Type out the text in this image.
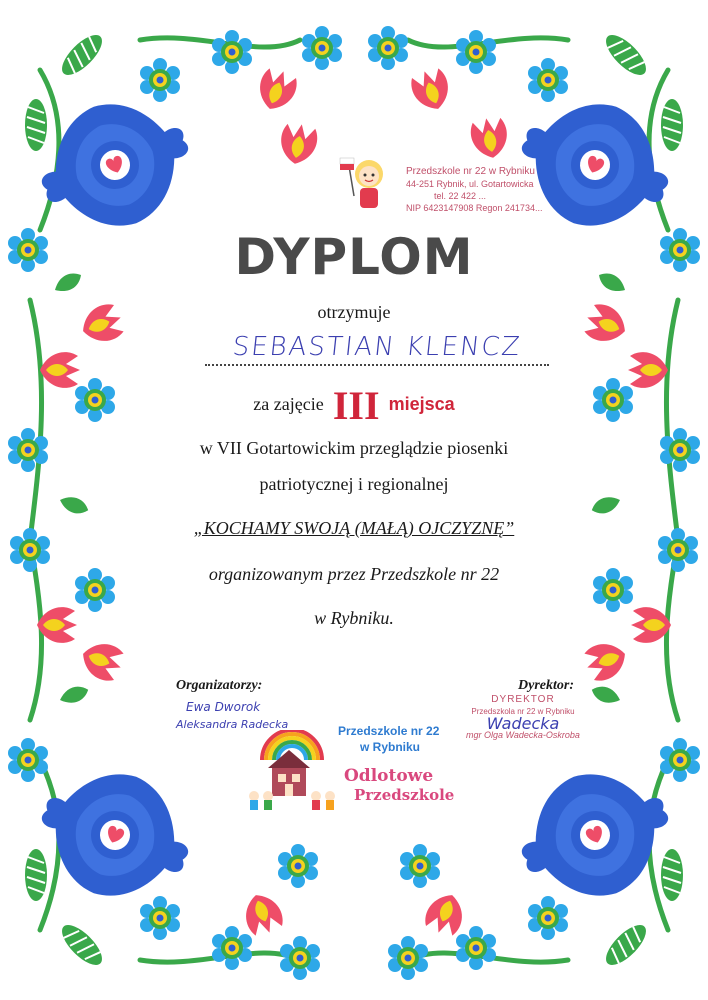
Przedszkole nr 22 w Rybniku
44-251 Rybnik, ul. Gotartowicka
tel. 22 422 ...
NIP 6423147908 Regon 241734...
DYPLOM
otrzymuje
SEBASTIAN KLENCZ
za zajęcie III miejsca
w VII Gotartowickim przeglądzie piosenki
patriotycznej i regionalnej
„KOCHAMY SWOJĄ (MAŁĄ) OJCZYZNĘ”
organizowanym przez Przedszkole nr 22
w Rybniku.
Organizatorzy:
Ewa Dworok
Aleksandra Radecka
Dyrektor:
DYREKTOR
Przedszkola nr 22 w Rybniku
Wadecka
mgr Olga Wadecka-Oskroba
Przedszkole nr 22
w Rybniku
Odlotowe
Przedszkole
